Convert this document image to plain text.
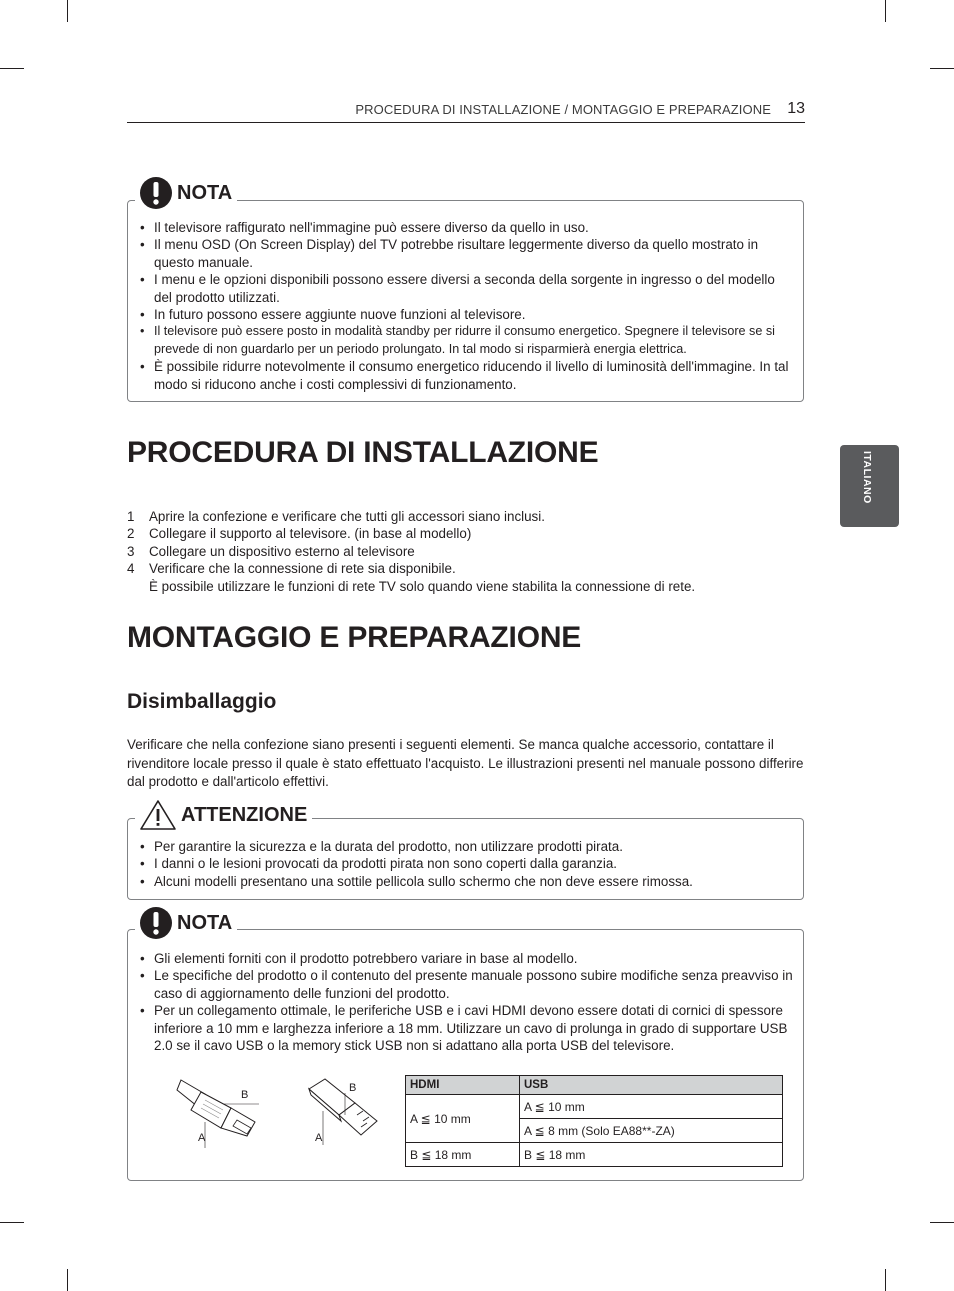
PROCEDURA DI INSTALLAZIONE / MONTAGGIO E PREPARAZIONE 13
ITALIANO
• Il televisore raffigurato nell'immagine può essere diverso da quello in uso.
• Il menu OSD (On Screen Display) del TV potrebbe risultare leggermente diverso da quello mostrato in questo manuale.
• I menu e le opzioni disponibili possono essere diversi a seconda della sorgente in ingresso o del modello del prodotto utilizzati.
• In futuro possono essere aggiunte nuove funzioni al televisore.
• Il televisore può essere posto in modalità standby per ridurre il consumo energetico. Spegnere il televisore se si prevede di non guardarlo per un periodo prolungato. In tal modo si risparmierà energia elettrica.
• È possibile ridurre notevolmente il consumo energetico riducendo il livello di luminosità dell'immagine. In tal modo si riducono anche i costi complessivi di funzionamento.
NOTA
PROCEDURA DI INSTALLAZIONE
1 Aprire la confezione e verificare che tutti gli accessori siano inclusi.
2 Collegare il supporto al televisore. (in base al modello)
3 Collegare un dispositivo esterno al televisore
4 Verificare che la connessione di rete sia disponibile.
È possibile utilizzare le funzioni di rete TV solo quando viene stabilita la connessione di rete.
MONTAGGIO E PREPARAZIONE
Disimballaggio
Verificare che nella confezione siano presenti i seguenti elementi. Se manca qualche accessorio, contattare il rivenditore locale presso il quale è stato effettuato l'acquisto. Le illustrazioni presenti nel manuale possono differire dal prodotto e dall'articolo effettivi.
• Per garantire la sicurezza e la durata del prodotto, non utilizzare prodotti pirata.
• I danni o le lesioni provocati da prodotti pirata non sono coperti dalla garanzia.
• Alcuni modelli presentano una sottile pellicola sullo schermo che non deve essere rimossa.
ATTENZIONE
• Gli elementi forniti con il prodotto potrebbero variare in base al modello.
• Le specifiche del prodotto o il contenuto del presente manuale possono subire modifiche senza preavviso in caso di aggiornamento delle funzioni del prodotto.
• Per un collegamento ottimale, le periferiche USB e i cavi HDMI devono essere dotati di cornici di spessore inferiore a 10 mm e larghezza inferiore a 18 mm. Utilizzare un cavo di prolunga in grado di supportare USB 2.0 se il cavo USB o la memory stick USB non si adattano alla porta USB del televisore.
NOTA
B
A
B
A
HDMI	USB
A ≦ 10 mm	A ≦ 10 mm
	A ≦ 8 mm (Solo EA88**-ZA)
B ≦ 18 mm	B ≦ 18 mm
